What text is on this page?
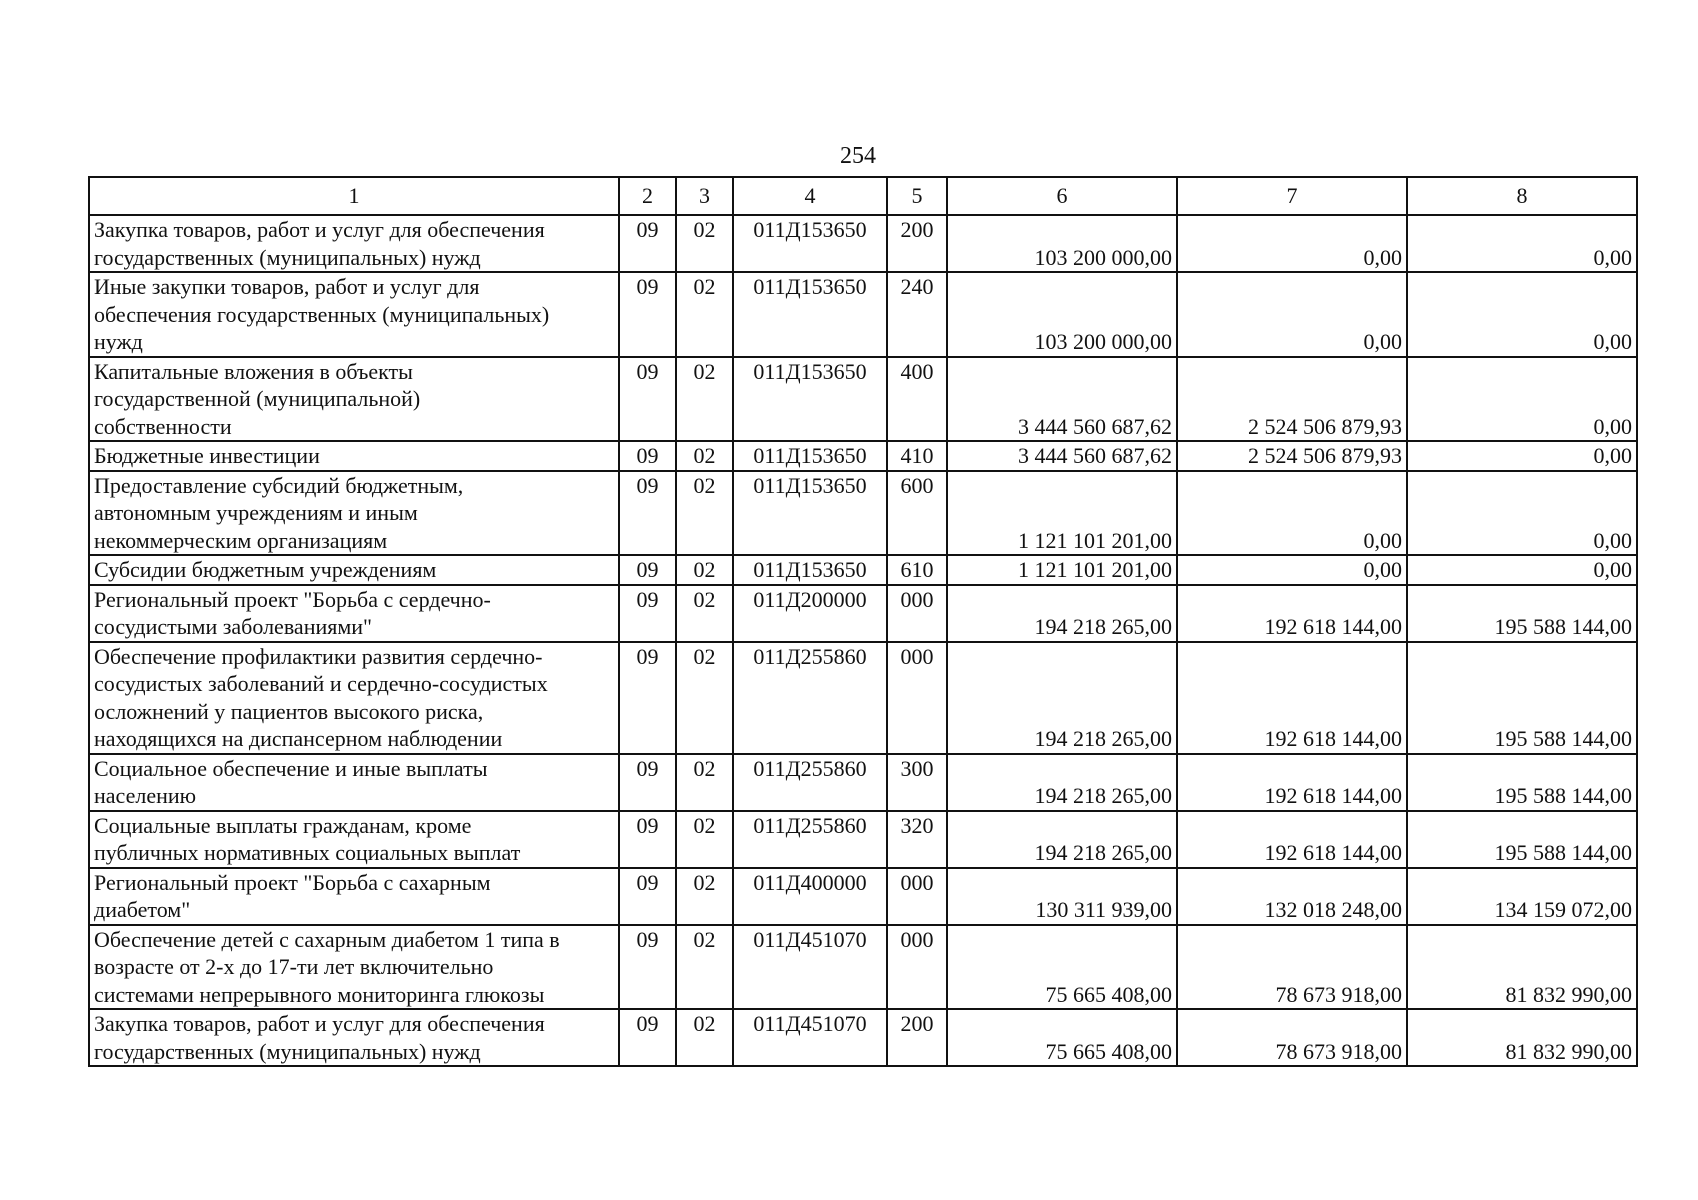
254
1	2	3	4	5	6	7	8

Закупка товаров, работ и услуг для обеспечения
государственных (муниципальных) нужд	09	02	011Д153650	200	103 200 000,00	0,00	0,00

Иные закупки товаров, работ и услуг для
обеспечения государственных (муниципальных)
нужд	09	02	011Д153650	240	103 200 000,00	0,00	0,00

Капитальные вложения в объекты
государственной (муниципальной)
собственности	09	02	011Д153650	400	3 444 560 687,62	2 524 506 879,93	0,00

Бюджетные инвестиции	09	02	011Д153650	410	3 444 560 687,62	2 524 506 879,93	0,00

Предоставление субсидий бюджетным,
автономным учреждениям и иным
некоммерческим организациям	09	02	011Д153650	600	1 121 101 201,00	0,00	0,00

Субсидии бюджетным учреждениям	09	02	011Д153650	610	1 121 101 201,00	0,00	0,00

Региональный проект "Борьба с сердечно-
сосудистыми заболеваниями"	09	02	011Д200000	000	194 218 265,00	192 618 144,00	195 588 144,00

Обеспечение профилактики развития сердечно-
сосудистых заболеваний и сердечно-сосудистых
осложнений у пациентов высокого риска,
находящихся на диспансерном наблюдении	09	02	011Д255860	000	194 218 265,00	192 618 144,00	195 588 144,00

Социальное обеспечение и иные выплаты
населению	09	02	011Д255860	300	194 218 265,00	192 618 144,00	195 588 144,00

Социальные выплаты гражданам, кроме
публичных нормативных социальных выплат	09	02	011Д255860	320	194 218 265,00	192 618 144,00	195 588 144,00

Региональный проект "Борьба с сахарным
диабетом"	09	02	011Д400000	000	130 311 939,00	132 018 248,00	134 159 072,00

Обеспечение детей с сахарным диабетом 1 типа в
возрасте от 2-х до 17-ти лет включительно
системами непрерывного мониторинга глюкозы	09	02	011Д451070	000	75 665 408,00	78 673 918,00	81 832 990,00

Закупка товаров, работ и услуг для обеспечения
государственных (муниципальных) нужд	09	02	011Д451070	200	75 665 408,00	78 673 918,00	81 832 990,00
